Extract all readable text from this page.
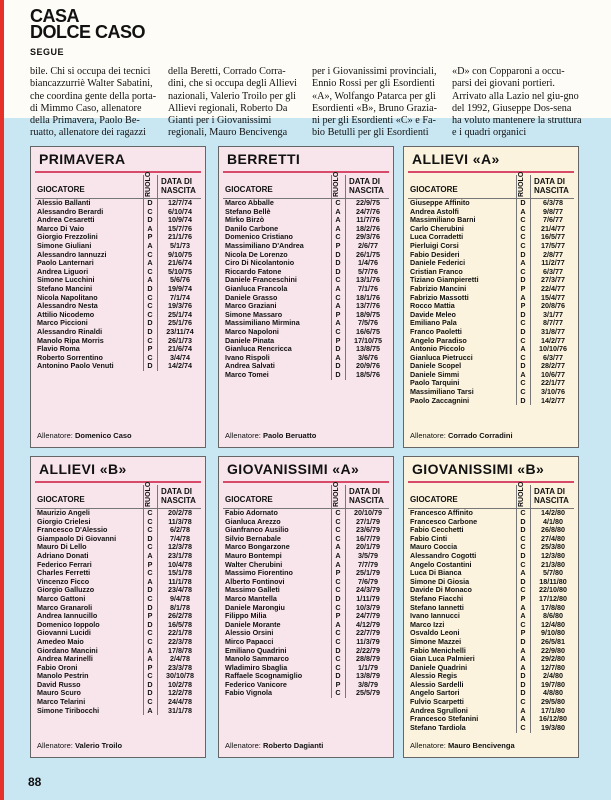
CASA
DOLCE CASO
SEGUE
bile. Chi si occupa dei tecnici biancazzurriè Walter Sabatini, che coordina gente della porta-di Mimmo Caso, allenatore della Primavera, Paolo Be-ruatto, allenatore dei ragazzi
della Beretti, Corrado Corra-dini, che si occupa degli Allievi nazionali, Valerio Troilo per gli Allievi regionali, Roberto Da Gianti per i Giovanissimi regionali, Mauro Bencivenga
per i Giovanissimi provinciali, Ennio Rossi per gli Esordienti «A», Wolfango Patarca per gli Esordienti «B», Bruno Grazia-ni per gli Esordienti «C» e Fa-bio Betulli per gli Esordienti
«D» con Copparoni a occu-parsi dei giovani portieri. Arrivato alla Lazio nel giu-gno del 1992, Giuseppe Dos-sena ha voluto mantenere la struttura e i quadri organici
PRIMAVERA
GIOCATORE	RUOLO DATA DI
NASCITA
Alessio Ballanti	D	12/7/74
Alessandro Berardi	C	6/10/74
Andrea Cesaretti	D	10/9/74
Marco Di Vaio	A	15/7/76
Giorgio Frezzolini	P	21/1/76
Simone Giuliani	A	5/1/73
Alessandro Iannuzzi	C	9/10/75
Paolo Lanternari	A	21/6/74
Andrea Liguori	C	5/10/75
Simone Lucchini	A	5/6/76
Stefano Mancini	D	19/9/74
Nicola Napolitano	C	7/1/74
Alessandro Nesta	C	19/3/76
Attilio Nicodemo	C	25/1/74
Marco Piccioni	D	25/1/76
Alessandro Rinaldi	D	23/11/74
Manolo Ripa Morris	C	26/1/73
Flavio Roma	P	21/6/74
Roberto Sorrentino	C	3/4/74
Antonino Paolo Venuti	D	14/2/74
Allenatore: Domenico Caso
BERRETTI
GIOCATORE	RUOLO DATA DI
NASCITA
Marco Abballe	C	22/9/75
Stefano Bellè	A	24/7/76
Mirko Birzò	A	11/7/76
Danilo Carbone	A	18/2/76
Domenico Cristiano	C	29/3/76
Massimiliano D'Andrea	P	2/6/77
Nicola De Lorenzo	D	26/1/75
Ciro Di Nicolantonio	D	1/4/76
Riccardo Fatone	D	5/7/76
Daniele Franceschini	C	13/1/76
Gianluca Francola	A	7/1/76
Daniele Grasso	C	18/1/76
Marco Graziani	A	13/7/76
Simone Massaro	P	18/9/75
Massimiliano Mirmina	A	7/5/76
Marco Napoloni	C	16/6/75
Daniele Pinata	P	17/10/75
Gianluca Rencricca	D	13/8/75
Ivano Rispoli	A	3/6/76
Andrea Salvati	D	20/9/76
Marco Tomei	D	18/5/76
Allenatore: Paolo Beruatto
ALLIEVI «A»
GIOCATORE	RUOLO DATA DI
NASCITA
Giuseppe Affinito	D	6/3/78
Andrea Astolfi	A	9/8/77
Massimiliano Barni	C	7/6/77
Carlo Cherubini	C	21/4/77
Luca Corradetti	C	16/5/77
Pierluigi Corsi	C	17/5/77
Fabio Desideri	D	2/8/77
Daniele Federici	A	11/2/77
Cristian Franco	C	6/3/77
Tiziano Giampieretti	D	27/3/77
Fabrizio Mancini	P	22/4/77
Fabrizio Massotti	A	15/4/77
Rocco Mattia	P	20/8/76
Davide Meleo	D	3/1/77
Emiliano Pala	C	8/7/77
Franco Paoletti	D	31/8/77
Angelo Paradiso	C	14/2/77
Antonio Piccolo	A	10/10/76
Gianluca Pietrucci	C	6/3/77
Daniele Scopel	D	28/2/77
Daniele Simmi	A	10/6/77
Paolo Tarquini	C	22/1/77
Massimiliano Tarsi	C	3/10/76
Paolo Zaccagnini	D	14/2/77
Allenatore: Corrado Corradini
ALLIEVI «B»
GIOCATORE	RUOLO DATA DI
NASCITA
Maurizio Angeli	C	20/2/78
Giorgio Crielesi	C	11/3/78
Francesco D'Alessio	C	6/2/78
Giampaolo Di Giovanni	D	7/4/78
Mauro Di Lello	C	12/3/78
Adriano Donati	A	23/1/78
Federico Ferrari	P	10/4/78
Charles Ferretti	C	15/1/78
Vincenzo Ficco	A	11/1/78
Giorgio Galluzzo	D	23/4/78
Marco Gattoni	C	9/4/78
Marco Granaroli	D	8/1/78
Andrea Iannucillo	P	26/2/78
Domenico Ioppolo	D	16/5/78
Giovanni Lucidi	C	22/1/78
Amedeo Maio	C	22/3/78
Giordano Mancini	A	17/8/78
Andrea Marinelli	A	2/4/78
Fabio Oroni	P	23/3/78
Manolo Pestrin	C	30/10/78
David Russo	D	10/2/78
Mauro Scuro	D	12/2/78
Marco Telarini	C	24/4/78
Simone Tiribocchi	A	31/1/78
Allenatore: Valerio Troilo
GIOVANISSIMI «A»
GIOCATORE	RUOLO DATA DI
NASCITA
Fabio Adornato	C	20/10/79
Gianluca Arezzo	C	27/1/79
Gianfranco Ausilio	C	23/6/79
Silvio Bernabale	C	16/7/79
Marco Bongarzone	A	20/1/79
Mauro Bontempi	A	3/5/79
Walter Cherubini	A	7/7/79
Massimo Fiorentino	P	25/1/79
Alberto Fontinovi	C	7/6/79
Massimo Galleti	C	24/3/79
Marco Mantella	D	1/11/79
Daniele Marongiu	C	10/3/79
Filippo Milia	P	24/7/79
Daniele Morante	A	4/12/79
Alessio Orsini	C	22/7/79
Mirco Papacci	C	11/3/79
Emiliano Quadrini	D	2/22/79
Manolo Sammarco	C	28/8/79
Wladimiro Sbaglia	C	1/1/79
Raffaele Scognamiglio	D	13/8/79
Federico Vanicore	P	3/8/79
Fabio Vignola	C	25/5/79
Allenatore: Roberto Dagianti
GIOVANISSIMI «B»
GIOCATORE	RUOLO DATA DI
NASCITA
Francesco Affinito	C	14/2/80
Francesco Carbone	D	4/1/80
Fabio Cecchetti	D	26/8/80
Fabio Cinti	C	27/4/80
Mauro Coccia	C	25/3/80
Alessandro Cogotti	D	12/3/80
Angelo Costantini	C	21/3/80
Luca Di Bianca	A	5/7/80
Simone Di Giosia	D	18/11/80
Davide Di Monaco	C	22/10/80
Stefano Fiacchi	P	17/12/80
Stefano Iannetti	A	17/8/80
Ivano Iannucci	A	8/6/80
Marco Izzi	C	12/4/80
Osvaldo Leoni	P	9/10/80
Simone Mazzei	D	26/5/81
Fabio Menichelli	A	22/9/80
Gian Luca Palmieri	A	29/2/80
Daniele Quadrini	A	12/7/80
Alessio Regis	D	2/4/80
Alessio Sardelli	D	19/7/80
Angelo Sartori	D	4/8/80
Fulvio Scarpetti	C	29/5/80
Andrea Sgrulloni	A	17/1/80
Francesco Stefanini	A	16/12/80
Stefano Tardiola	C	19/3/80
Allenatore: Mauro Bencivenga
88
